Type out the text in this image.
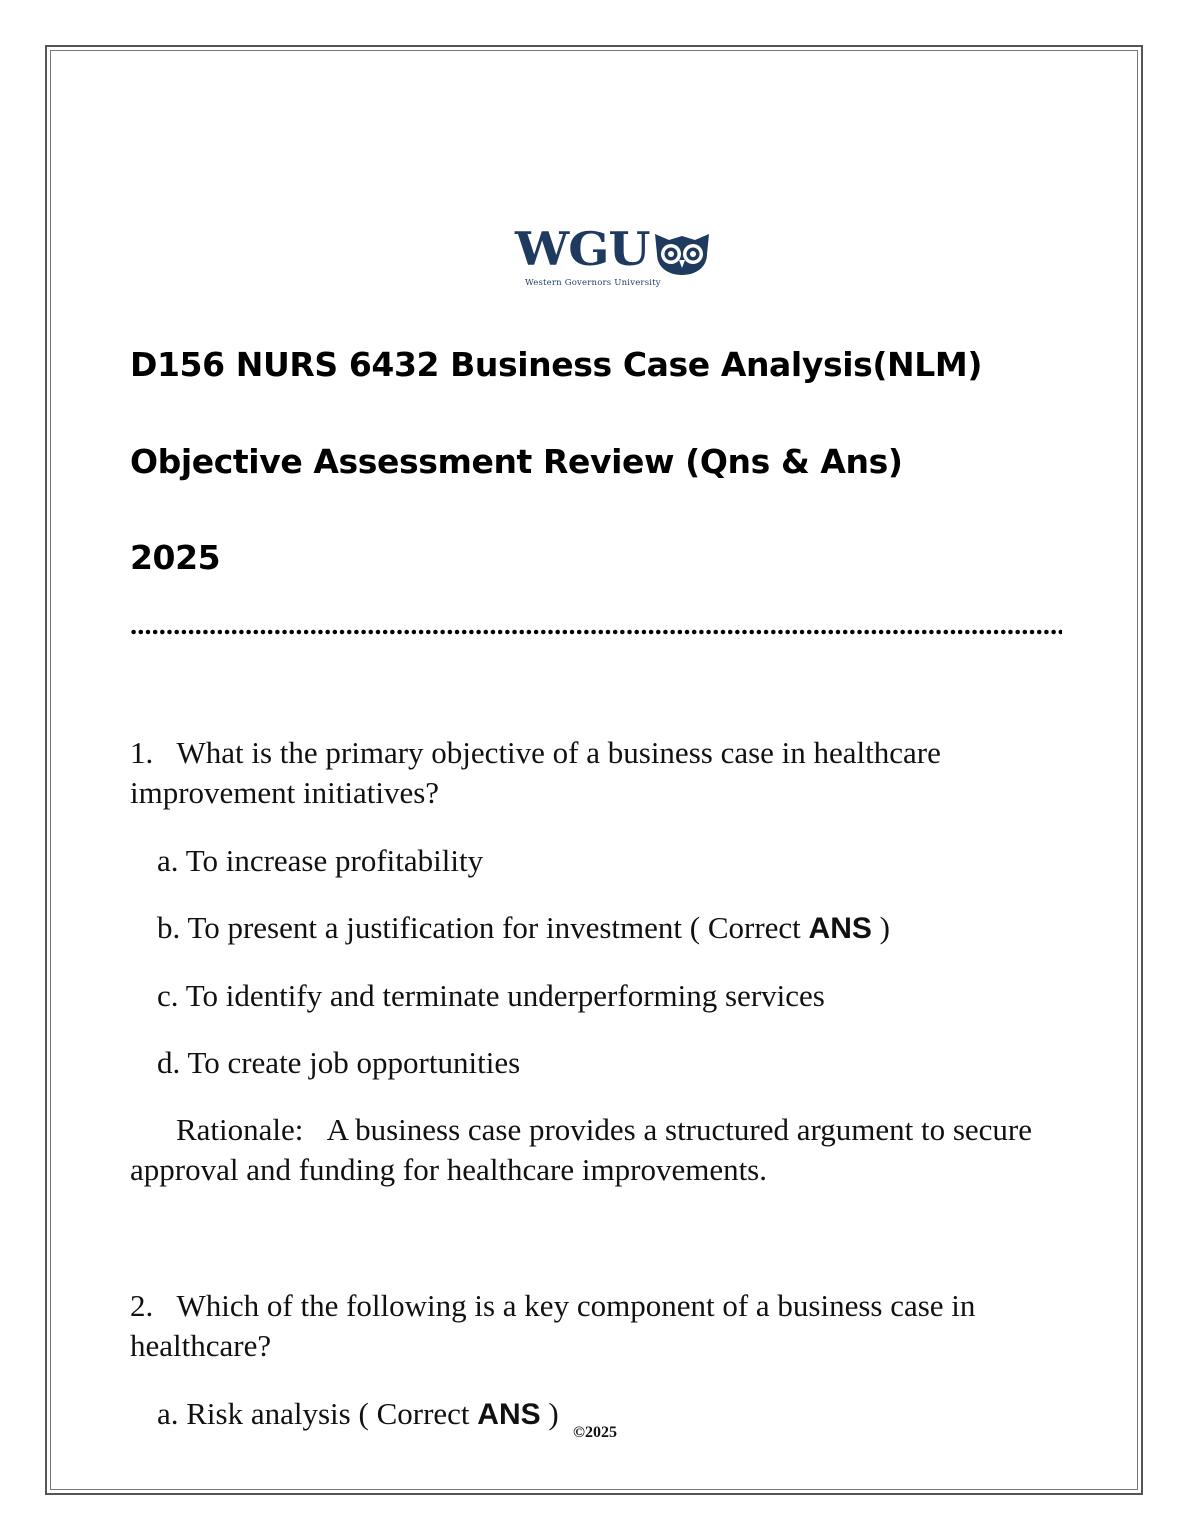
WGU
Western Governors University
D156 NURS 6432 Business Case Analysis(NLM)
Objective Assessment Review (Qns & Ans)
2025

1. What is the primary objective of a business case in healthcare improvement initiatives?

a. To increase profitability

b. To present a justification for investment ( Correct ANS )

c. To identify and terminate underperforming services

d. To create job opportunities

Rationale: A business case provides a structured argument to secure approval and funding for healthcare improvements.

2. Which of the following is a key component of a business case in healthcare?

a. Risk analysis ( Correct ANS )

©2025
